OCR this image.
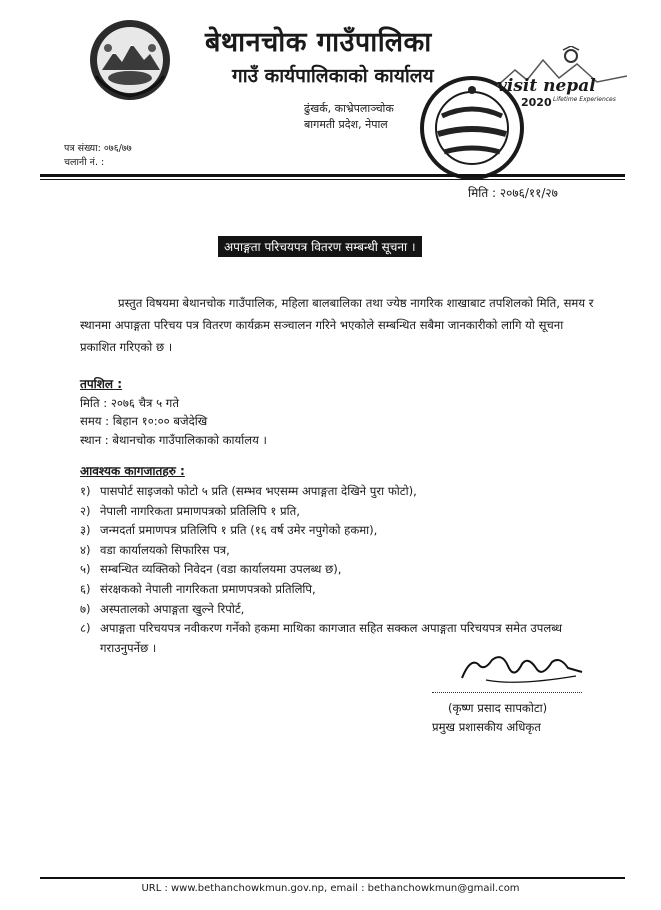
बेथानचोक गाउँपालिका
गाउँ कार्यपालिकाको कार्यालय
ढुंखर्क, काभ्रेपलाञ्चोक
बागमती प्रदेश, नेपाल
visit nepal
2020 Lifetime Experiences
पत्र संख्या: ०७६/७७
चलानी नं. :
मिति : २०७६/११/२७
अपाङ्गता परिचयपत्र वितरण सम्बन्धी सूचना ।
प्रस्तुत विषयमा बेथानचोक गाउँपालिक, महिला बालबालिका तथा ज्येष्ठ नागरिक शाखाबाट तपशिलको मिति, समय र स्थानमा अपाङ्गता परिचय पत्र वितरण कार्यक्रम सञ्चालन गरिने भएकोले सम्बन्धित सबैमा जानकारीको लागि यो सूचना प्रकाशित गरिएको छ ।
तपशिल :
मिति : २०७६ चैत्र ५ गते
समय : बिहान १०:०० बजेदेखि
स्थान : बेथानचोक गाउँपालिकाको कार्यालय ।
आवश्यक कागजातहरु :
१) पासपोर्ट साइजको फोटो ५ प्रति (सम्भव भएसम्म अपाङ्गता देखिने पुरा फोटो),
२) नेपाली नागरिकता प्रमाणपत्रको प्रतिलिपि १ प्रति,
३) जन्मदर्ता प्रमाणपत्र प्रतिलिपि १ प्रति (१६ वर्ष उमेर नपुगेको हकमा),
४) वडा कार्यालयको सिफारिस पत्र,
५) सम्बन्धित व्यक्तिको निवेदन (वडा कार्यालयमा उपलब्ध छ),
६) संरक्षकको नेपाली नागरिकता प्रमाणपत्रको प्रतिलिपि,
७) अस्पतालको अपाङ्गता खुल्ने रिपोर्ट,
८) अपाङ्गता परिचयपत्र नवीकरण गर्नेको हकमा माथिका कागजात सहित सक्कल अपाङ्गता परिचयपत्र समेत उपलब्ध गराउनुपर्नेछ ।
(कृष्ण प्रसाद सापकोटा)
प्रमुख प्रशासकीय अधिकृत
URL : www.bethanchowkmun.gov.np, email : bethanchowkmun@gmail.com
